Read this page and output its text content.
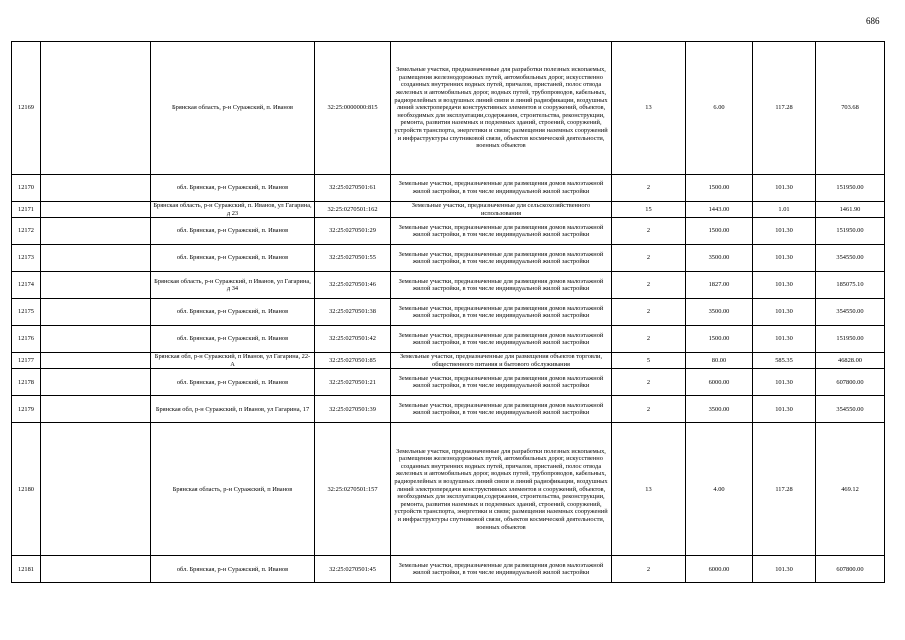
686
12169		Брянская область, р-н Суражский, п. Иванов	32:25:0000000:815	Земельные участки, предназначенные для разработки полезных ископаемых, размещения железнодорожных путей, автомобильных дорог, искусственно созданных внутренних водных путей, причалов, пристаней, полос отвода железных и автомобильных дорог, водных путей, трубопроводов, кабельных, радиорелейных и воздушных линий связи и линий радиофикации, воздушных линий электропередачи конструктивных элементов и сооружений, объектов, необходимых для эксплуатации,содержания, строительства, реконструкции, ремонта, развития наземных и подземных зданий, строений, сооружений, устройств транспорта, энергетики и связи; размещения наземных сооружений и инфраструктуры спутниковой связи, объектов космической деятельности, военных объектов	13	6.00	117.28	703.68
12170		обл. Брянская, р-н Суражский, п. Иванов	32:25:0270501:61	Земельные участки, предназначенные для размещения домов малоэтажной жилой застройки, в том числе индивидуальной жилой застройки	2	1500.00	101.30	151950.00
12171		Брянская область, р-н Суражский, п. Иванов, ул Гагарина, д 23	32:25:0270501:162	Земельные участки, предназначенные для сельскохозяйственного использования	15	1443.00	1.01	1461.90
12172		обл. Брянская, р-н Суражский, п. Иванов	32:25:0270501:29	Земельные участки, предназначенные для размещения домов малоэтажной жилой застройки, в том числе индивидуальной жилой застройки	2	1500.00	101.30	151950.00
12173		обл. Брянская, р-н Суражский, п. Иванов	32:25:0270501:55	Земельные участки, предназначенные для размещения домов малоэтажной жилой застройки, в том числе индивидуальной жилой застройки	2	3500.00	101.30	354550.00
12174		Брянская область, р-н Суражский, п Иванов, ул Гагарина, д 34	32:25:0270501:46	Земельные участки, предназначенные для размещения домов малоэтажной жилой застройки, в том числе индивидуальной жилой застройки	2	1827.00	101.30	185075.10
12175		обл. Брянская, р-н Суражский, п. Иванов	32:25:0270501:38	Земельные участки, предназначенные для размещения домов малоэтажной жилой застройки, в том числе индивидуальной жилой застройки	2	3500.00	101.30	354550.00
12176		обл. Брянская, р-н Суражский, п. Иванов	32:25:0270501:42	Земельные участки, предназначенные для размещения домов малоэтажной жилой застройки, в том числе индивидуальной жилой застройки	2	1500.00	101.30	151950.00
12177		Брянская обл, р-н Суражский, п Иванов, ул Гагарина, 22-А	32:25:0270501:85	Земельные участки, предназначенные для размещения объектов торговли, общественного питания и бытового обслуживания	5	80.00	585.35	46828.00
12178		обл. Брянская, р-н Суражский, п. Иванов	32:25:0270501:21	Земельные участки, предназначенные для размещения домов малоэтажной жилой застройки, в том числе индивидуальной жилой застройки	2	6000.00	101.30	607800.00
12179		Брянская обл, р-н Суражский, п Иванов, ул Гагарина, 17	32:25:0270501:39	Земельные участки, предназначенные для размещения домов малоэтажной жилой застройки, в том числе индивидуальной жилой застройки	2	3500.00	101.30	354550.00
12180		Брянская область, р-н Суражский, п Иванов	32:25:0270501:157	Земельные участки, предназначенные для разработки полезных ископаемых, размещения железнодорожных путей, автомобильных дорог, искусственно созданных внутренних водных путей, причалов, пристаней, полос отвода железных и автомобильных дорог, водных путей, трубопроводов, кабельных, радиорелейных и воздушных линий связи и линий радиофикации, воздушных линий электропередачи конструктивных элементов и сооружений, объектов, необходимых для эксплуатации,содержания, строительства, реконструкции, ремонта, развития наземных и подземных зданий, строений, сооружений, устройств транспорта, энергетики и связи; размещения наземных сооружений и инфраструктуры спутниковой связи, объектов космической деятельности, военных объектов	13	4.00	117.28	469.12
12181		обл. Брянская, р-н Суражский, п. Иванов	32:25:0270501:45	Земельные участки, предназначенные для размещения домов малоэтажной жилой застройки, в том числе индивидуальной жилой застройки	2	6000.00	101.30	607800.00
